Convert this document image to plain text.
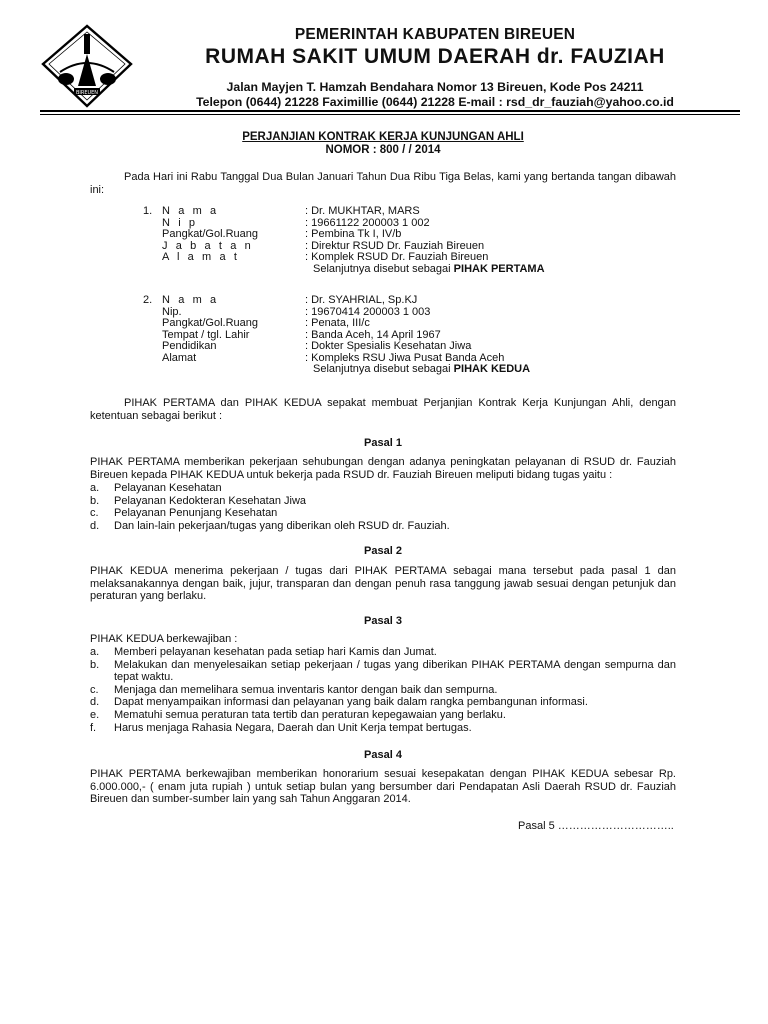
BIREUEN
PEMERINTAH KABUPATEN BIREUEN
RUMAH SAKIT UMUM DAERAH dr. FAUZIAH
Jalan Mayjen T. Hamzah Bendahara Nomor 13 Bireuen, Kode Pos 24211
Telepon (0644) 21228 Faximillie (0644) 21228 E-mail : rsd_dr_fauziah@yahoo.co.id
PERJANJIAN KONTRAK KERJA KUNJUNGAN AHLI
NOMOR : 800 / / 2014
Pada Hari ini Rabu Tanggal Dua Bulan Januari Tahun Dua Ribu Tiga Belas, kami yang bertanda tangan dibawah ini:
1. N a m a	: Dr. MUKHTAR, MARS
N i p	: 19661122 200003 1 002
Pangkat/Gol.Ruang	: Pembina Tk I, IV/b
J a b a t a n	: Direktur RSUD Dr. Fauziah Bireuen
A l a m a t	: Komplek RSUD Dr. Fauziah Bireuen
Selanjutnya disebut sebagai PIHAK PERTAMA
2. N a m a	: Dr. SYAHRIAL, Sp.KJ
Nip.	: 19670414 200003 1 003
Pangkat/Gol.Ruang	: Penata, III/c
Tempat / tgl. Lahir	: Banda Aceh, 14 April 1967
Pendidikan	: Dokter Spesialis Kesehatan Jiwa
Alamat	: Kompleks RSU Jiwa Pusat Banda Aceh
Selanjutnya disebut sebagai PIHAK KEDUA
PIHAK PERTAMA dan PIHAK KEDUA sepakat membuat Perjanjian Kontrak Kerja Kunjungan Ahli, dengan ketentuan sebagai berikut :
Pasal 1
PIHAK PERTAMA memberikan pekerjaan sehubungan dengan adanya peningkatan pelayanan di RSUD dr. Fauziah Bireuen kepada PIHAK KEDUA untuk bekerja pada RSUD dr. Fauziah Bireuen meliputi bidang tugas yaitu :
a. Pelayanan Kesehatan
b. Pelayanan Kedokteran Kesehatan Jiwa
c. Pelayanan Penunjang Kesehatan
d. Dan lain-lain pekerjaan/tugas yang diberikan oleh RSUD dr. Fauziah.
Pasal 2
PIHAK KEDUA menerima pekerjaan / tugas dari PIHAK PERTAMA sebagai mana tersebut pada pasal 1 dan melaksanakannya dengan baik, jujur, transparan dan dengan penuh rasa tanggung jawab sesuai dengan petunjuk dan peraturan yang berlaku.
Pasal 3
PIHAK KEDUA berkewajiban :
a. Memberi pelayanan kesehatan pada setiap hari Kamis dan Jumat.
b. Melakukan dan menyelesaikan setiap pekerjaan / tugas yang diberikan PIHAK PERTAMA dengan sempurna dan tepat waktu.
c. Menjaga dan memelihara semua inventaris kantor dengan baik dan sempurna.
d. Dapat menyampaikan informasi dan pelayanan yang baik dalam rangka pembangunan informasi.
e. Mematuhi semua peraturan tata tertib dan peraturan kepegawaian yang berlaku.
f. Harus menjaga Rahasia Negara, Daerah dan Unit Kerja tempat bertugas.
Pasal 4
PIHAK PERTAMA berkewajiban memberikan honorarium sesuai kesepakatan dengan PIHAK KEDUA sebesar Rp. 6.000.000,- ( enam juta rupiah ) untuk setiap bulan yang bersumber dari Pendapatan Asli Daerah RSUD dr. Fauziah Bireuen dan sumber-sumber lain yang sah Tahun Anggaran 2014.
Pasal 5 …………………………..
